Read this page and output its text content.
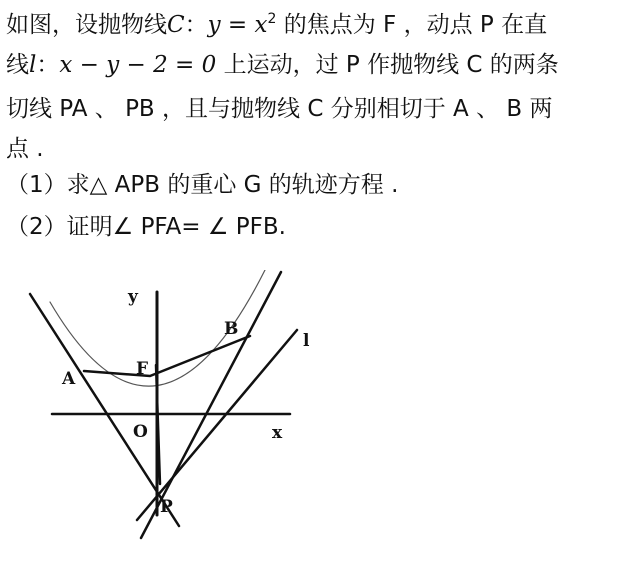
如图，设抛物线C：$y = x^2$ 的焦点为 F ，动点 P 在直
线l：x − y − 2 = 0 上运动，过 P 作抛物线 C 的两条
切线 PA 、 PB ，且与抛物线 C 分别相切于 A 、 B 两
点 .
（1）求△ APB 的重心 G 的轨迹方程 .
（2）证明∠ PFA= ∠ PFB.
y
x
O
F
A
B
P
l
